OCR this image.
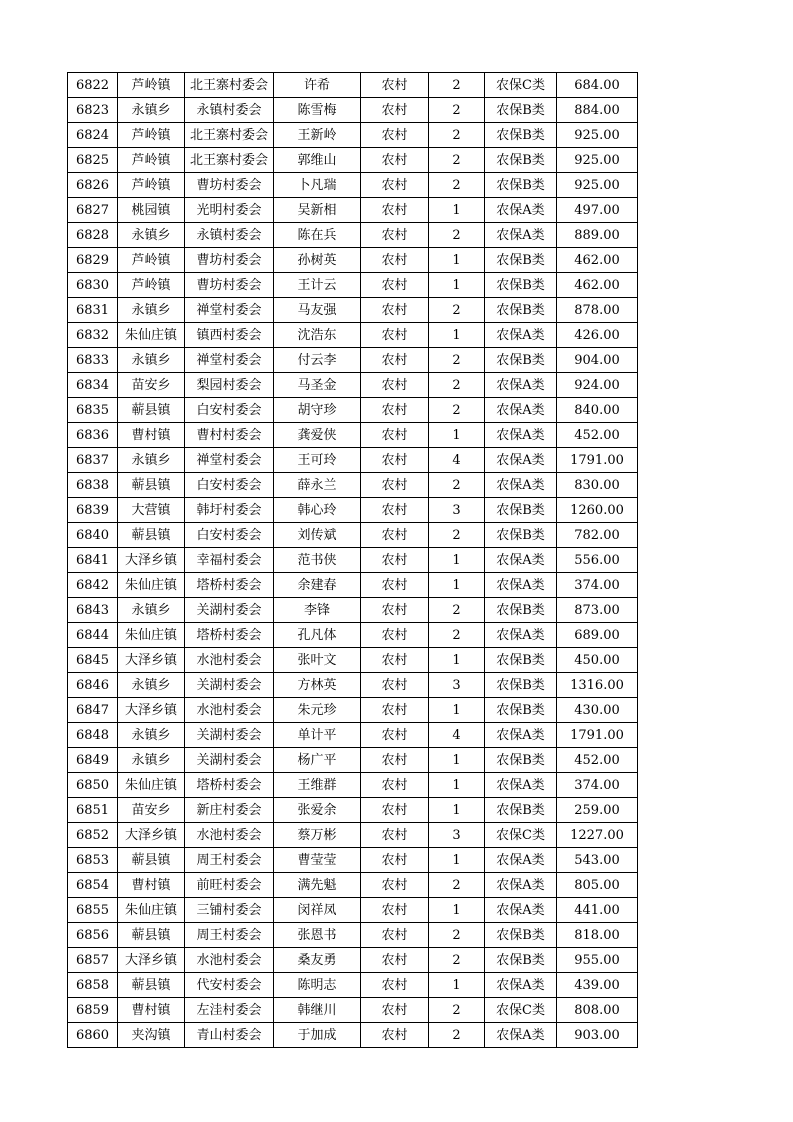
6822	芦岭镇	北王寨村委会	许希	农村	2	农保C类	684.00
6823	永镇乡	永镇村委会	陈雪梅	农村	2	农保B类	884.00
6824	芦岭镇	北王寨村委会	王新岭	农村	2	农保B类	925.00
6825	芦岭镇	北王寨村委会	郭维山	农村	2	农保B类	925.00
6826	芦岭镇	曹坊村委会	卜凡瑞	农村	2	农保B类	925.00
6827	桃园镇	光明村委会	吴新相	农村	1	农保A类	497.00
6828	永镇乡	永镇村委会	陈在兵	农村	2	农保A类	889.00
6829	芦岭镇	曹坊村委会	孙树英	农村	1	农保B类	462.00
6830	芦岭镇	曹坊村委会	王计云	农村	1	农保B类	462.00
6831	永镇乡	禅堂村委会	马友强	农村	2	农保B类	878.00
6832	朱仙庄镇	镇西村委会	沈浩东	农村	1	农保A类	426.00
6833	永镇乡	禅堂村委会	付云李	农村	2	农保B类	904.00
6834	苗安乡	梨园村委会	马圣金	农村	2	农保A类	924.00
6835	蕲县镇	白安村委会	胡守珍	农村	2	农保A类	840.00
6836	曹村镇	曹村村委会	龚爱侠	农村	1	农保A类	452.00
6837	永镇乡	禅堂村委会	王可玲	农村	4	农保A类	1791.00
6838	蕲县镇	白安村委会	薛永兰	农村	2	农保A类	830.00
6839	大营镇	韩圩村委会	韩心玲	农村	3	农保B类	1260.00
6840	蕲县镇	白安村委会	刘传斌	农村	2	农保B类	782.00
6841	大泽乡镇	幸福村委会	范书侠	农村	1	农保A类	556.00
6842	朱仙庄镇	塔桥村委会	余建春	农村	1	农保A类	374.00
6843	永镇乡	关湖村委会	李锋	农村	2	农保B类	873.00
6844	朱仙庄镇	塔桥村委会	孔凡体	农村	2	农保A类	689.00
6845	大泽乡镇	水池村委会	张叶文	农村	1	农保B类	450.00
6846	永镇乡	关湖村委会	方林英	农村	3	农保B类	1316.00
6847	大泽乡镇	水池村委会	朱元珍	农村	1	农保B类	430.00
6848	永镇乡	关湖村委会	单计平	农村	4	农保A类	1791.00
6849	永镇乡	关湖村委会	杨广平	农村	1	农保B类	452.00
6850	朱仙庄镇	塔桥村委会	王维群	农村	1	农保A类	374.00
6851	苗安乡	新庄村委会	张爱余	农村	1	农保B类	259.00
6852	大泽乡镇	水池村委会	蔡万彬	农村	3	农保C类	1227.00
6853	蕲县镇	周王村委会	曹莹莹	农村	1	农保A类	543.00
6854	曹村镇	前旺村委会	满先魁	农村	2	农保A类	805.00
6855	朱仙庄镇	三铺村委会	闵祥凤	农村	1	农保A类	441.00
6856	蕲县镇	周王村委会	张恩书	农村	2	农保B类	818.00
6857	大泽乡镇	水池村委会	桑友勇	农村	2	农保B类	955.00
6858	蕲县镇	代安村委会	陈明志	农村	1	农保A类	439.00
6859	曹村镇	左洼村委会	韩继川	农村	2	农保C类	808.00
6860	夹沟镇	青山村委会	于加成	农村	2	农保A类	903.00
